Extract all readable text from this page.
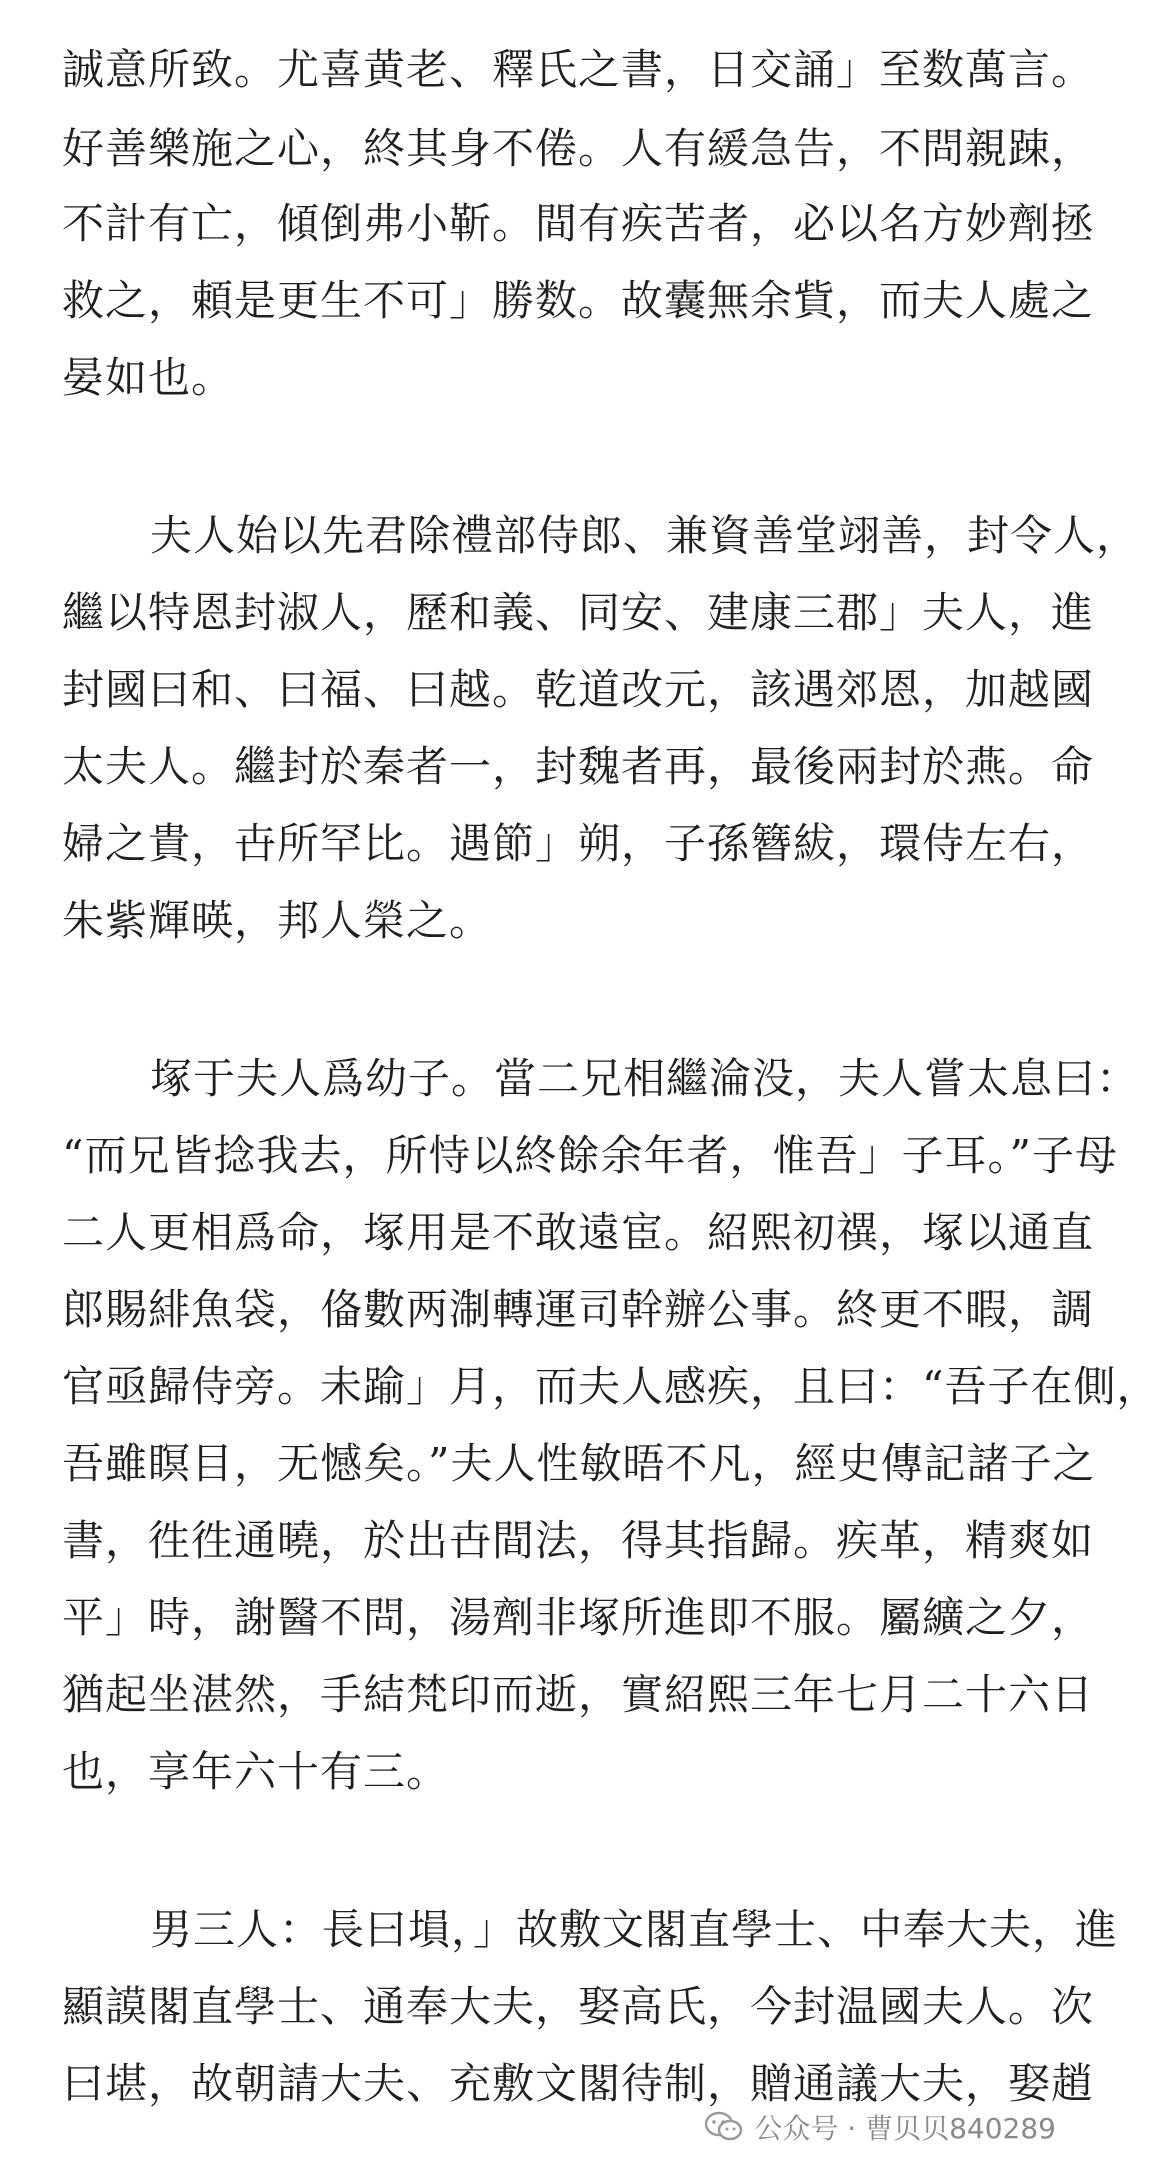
誠意所致。尤喜黄老、釋氏之書，日交誦」至数萬言。
好善樂施之心，終其身不倦。人有緩急告，不問親踈，
不計有亡，傾倒弗小靳。間有疾苦者，必以名方妙劑拯
救之，頼是更生不可」勝数。故囊無余貲，而夫人處之
晏如也。
夫人始以先君除禮部侍郎、兼資善堂翊善，封令人，
繼以特恩封淑人，歷和義、同安、建康三郡」夫人，進
封國曰和、曰福、曰越。乾道改元，該遇郊恩，加越國
太夫人。繼封於秦者一，封魏者再，最後兩封於燕。命
婦之貴，卋所罕比。遇節」朔，子孫簪紱，環侍左右，
朱紫輝暎，邦人榮之。
塚于夫人爲幼子。當二兄相繼淪没，夫人嘗太息曰：
“而兄皆捻我去，所恃以終餘余年者，惟吾」子耳。”子母
二人更相爲命，塚用是不敢遠宦。紹熙初禩，塚以通直
郎賜緋魚袋，俻數两淛轉運司幹辦公事。終更不暇，調
官亟歸侍旁。未踰」月，而夫人感疾，且曰：“吾子在側，
吾雖瞑目，无憾矣。”夫人性敏晤不凡，經史傳記諸子之
書，徃徃通曉，於出卋間法，得其指歸。疾革，精爽如
平」時，謝醫不問，湯劑非塚所進即不服。屬纊之夕，
猶起坐湛然，手結梵印而逝，實紹熙三年七月二十六日
也，享年六十有三。
男三人：長曰塤，」故敷文閣直學士、中奉大夫，進
顯謨閣直學士、通奉大夫，娶高氏，今封温國夫人。次
曰堪，故朝請大夫、充敷文閣待制，贈通議大夫，娶趙
公众号 · 曹贝贝840289
